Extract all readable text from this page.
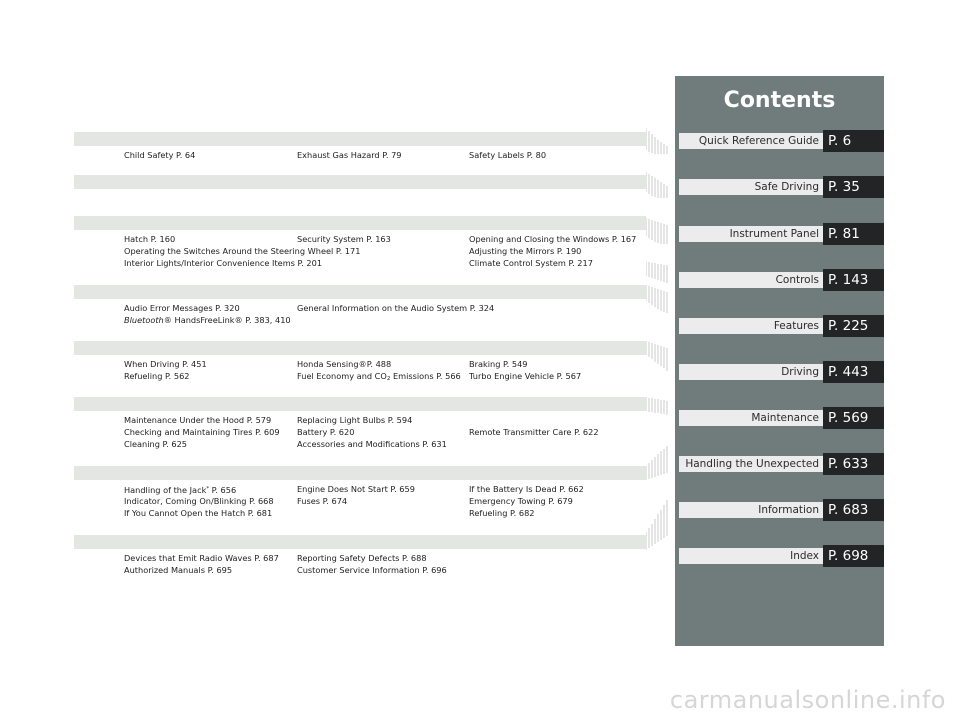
Child Safety P. 64	Exhaust Gas Hazard P. 79	Safety Labels P. 80
Hatch P. 160	Security System P. 163	Opening and Closing the Windows P. 167
Operating the Switches Around the Steering Wheel P. 171	Adjusting the Mirrors P. 190
Interior Lights/Interior Convenience Items P. 201	Climate Control System P. 217
Audio Error Messages P. 320	General Information on the Audio System P. 324
Bluetooth® HandsFreeLink® P. 383, 410
When Driving P. 451	Honda Sensing®P. 488	Braking P. 549
Refueling P. 562	Fuel Economy and $CO_2$ Emissions P. 566 Turbo Engine Vehicle P. 567
Maintenance Under the Hood P. 579	Replacing Light Bulbs P. 594
Checking and Maintaining Tires P. 609 Battery P. 620	Remote Transmitter Care P. 622
Cleaning P. 625	Accessories and Modifications P. 631
Handling of the Jack* P. 656	Engine Does Not Start P. 659	If the Battery Is Dead P. 662
Indicator, Coming On/Blinking P. 668	Fuses P. 674	Emergency Towing P. 679
If You Cannot Open the Hatch P. 681	Refueling P. 682
Devices that Emit Radio Waves P. 687 Reporting Safety Defects P. 688
Authorized Manuals P. 695	Customer Service Information P. 696
Contents
Quick Reference Guide P. 6
Safe Driving P. 35
Instrument Panel P. 81
Controls P. 143
Features P. 225
Driving P. 443
Maintenance P. 569
Handling the Unexpected P. 633
Information P. 683
Index P. 698
carmanualsonline.info
